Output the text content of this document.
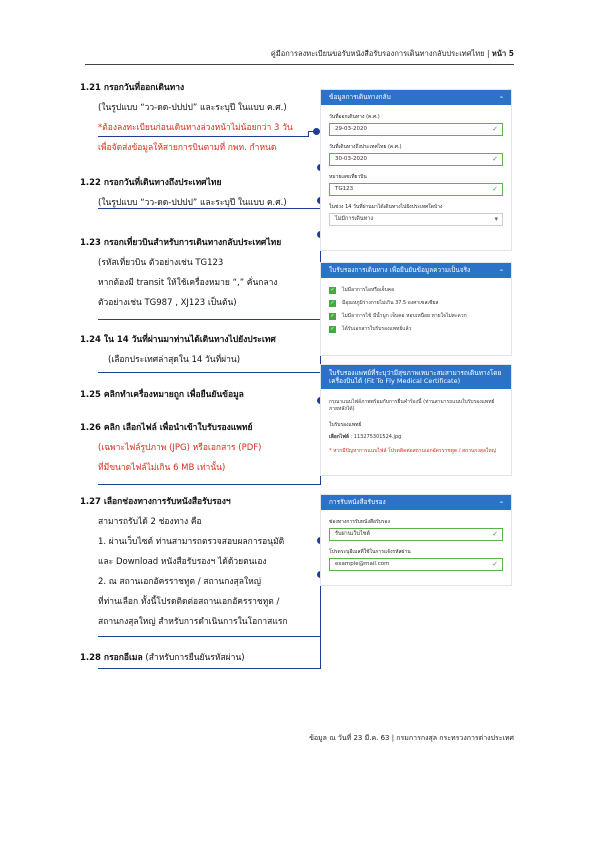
คู่มือการลงทะเบียนขอรับหนังสือรับรองการเดินทางกลับประเทศไทย | หน้า 5
1.21 กรอกวันที่ออกเดินทาง
(ในรูปแบบ “วว-ดด-ปปปป” และระบุปี ในแบบ ค.ศ.)
*ต้องลงทะเบียนก่อนเดินทางล่วงหน้าไม่น้อยกว่า 3 วัน
เพื่อจัดส่งข้อมูลให้สายการบินตามที่ กพท. กำหนด
1.22 กรอกวันที่เดินทางถึงประเทศไทย
(ในรูปแบบ “วว-ดด-ปปปป” และระบุปี ในแบบ ค.ศ.)
1.23 กรอกเที่ยวบินสำหรับการเดินทางกลับประเทศไทย
(รหัสเที่ยวบิน ตัวอย่างเช่น TG123
หากต้องมี transit ให้ใช้เครื่องหมาย “,” คั่นกลาง
ตัวอย่างเช่น TG987 , XJ123 เป็นต้น)
1.24 ใน 14 วันที่ผ่านมาท่านได้เดินทางไปยังประเทศ
(เลือกประเทศล่าสุดใน 14 วันที่ผ่าน)
1.25 คลิกทำเครื่องหมายถูก เพื่อยืนยันข้อมูล
1.26 คลิก เลือกไฟล์ เพื่อนำเข้าใบรับรองแพทย์
(เฉพาะไฟล์รูปภาพ (JPG) หรือเอกสาร (PDF)
ที่มีขนาดไฟล์ไม่เกิน 6 MB เท่านั้น)
1.27 เลือกช่องทางการรับหนังสือรับรองฯ
สามารถรับได้ 2 ช่องทาง คือ
1. ผ่านเว็บไซต์ ท่านสามารถตรวจสอบผลการอนุมัติ
และ Download หนังสือรับรองฯ ได้ด้วยตนเอง
2. ณ สถานเอกอัครราชทูต / สถานกงสุลใหญ่
ที่ท่านเลือก ทั้งนี้โปรดติดต่อสถานเอกอัครราชทูต /
สถานกงสุลใหญ่ สำหรับการดำเนินการในโอกาสแรก
1.28 กรอกอีเมล (สำหรับการยืนยันรหัสผ่าน)
ข้อมูลการเดินทางกลับ	–
วันที่ออกเดินทาง (ค.ศ.)
29-03-2020	✓
วันที่เดินทางถึงประเทศไทย (ค.ศ.)
30-03-2020	✓
หมายเลขเที่ยวบิน
TG123	✓
ในช่วง 14 วันที่ผ่านมาได้เดินทางไปยังประเทศใดบ้าง
ไม่มีการเดินทาง	▾
ใบรับรองการเดินทาง เพื่อยืนยันข้อมูลความเป็นจริง	–
✓ ไม่มีอาการไอหรือเจ็บคอ
✓ มีอุณหภูมิร่างกายไม่เกิน 37.5 องศาเซลเซียส
✓ ไม่มีอาการไข้ มีน้ำมูก เจ็บคอ หอบเหนื่อย หายใจไม่สะดวก
✓ ได้รับเอกสารใบรับรองแพทย์แล้ว
ใบรับรองแพทย์ที่ระบุว่ามีสุขภาพเหมาะสมสามารถเดินทางโดยเครื่องบินได้ (Fit To Fly Medical Certificate)
กรุณาแนบไฟล์ภาพพร้อมกับการยื่นคำร้องนี้ (ท่านสามารถแนบใบรับรองแพทย์ภายหลังได้)
ใบรับรองแพทย์
เลือกไฟล์ : 113275301524.jpg
* หากมีปัญหาการแนบไฟล์ โปรดติดต่อสถานเอกอัครราชทูต / สถานกงสุลใหญ่
การรับหนังสือรับรอง	–
ช่องทางการรับหนังสือรับรอง
รับผ่านเว็บไซต์	✓
โปรดระบุอีเมลที่ใช้ในการแจ้งรหัสผ่าน
example@mail.com	✓
ข้อมูล ณ วันที่ 23 มี.ค. 63 | กรมการกงสุล กระทรวงการต่างประเทศ
